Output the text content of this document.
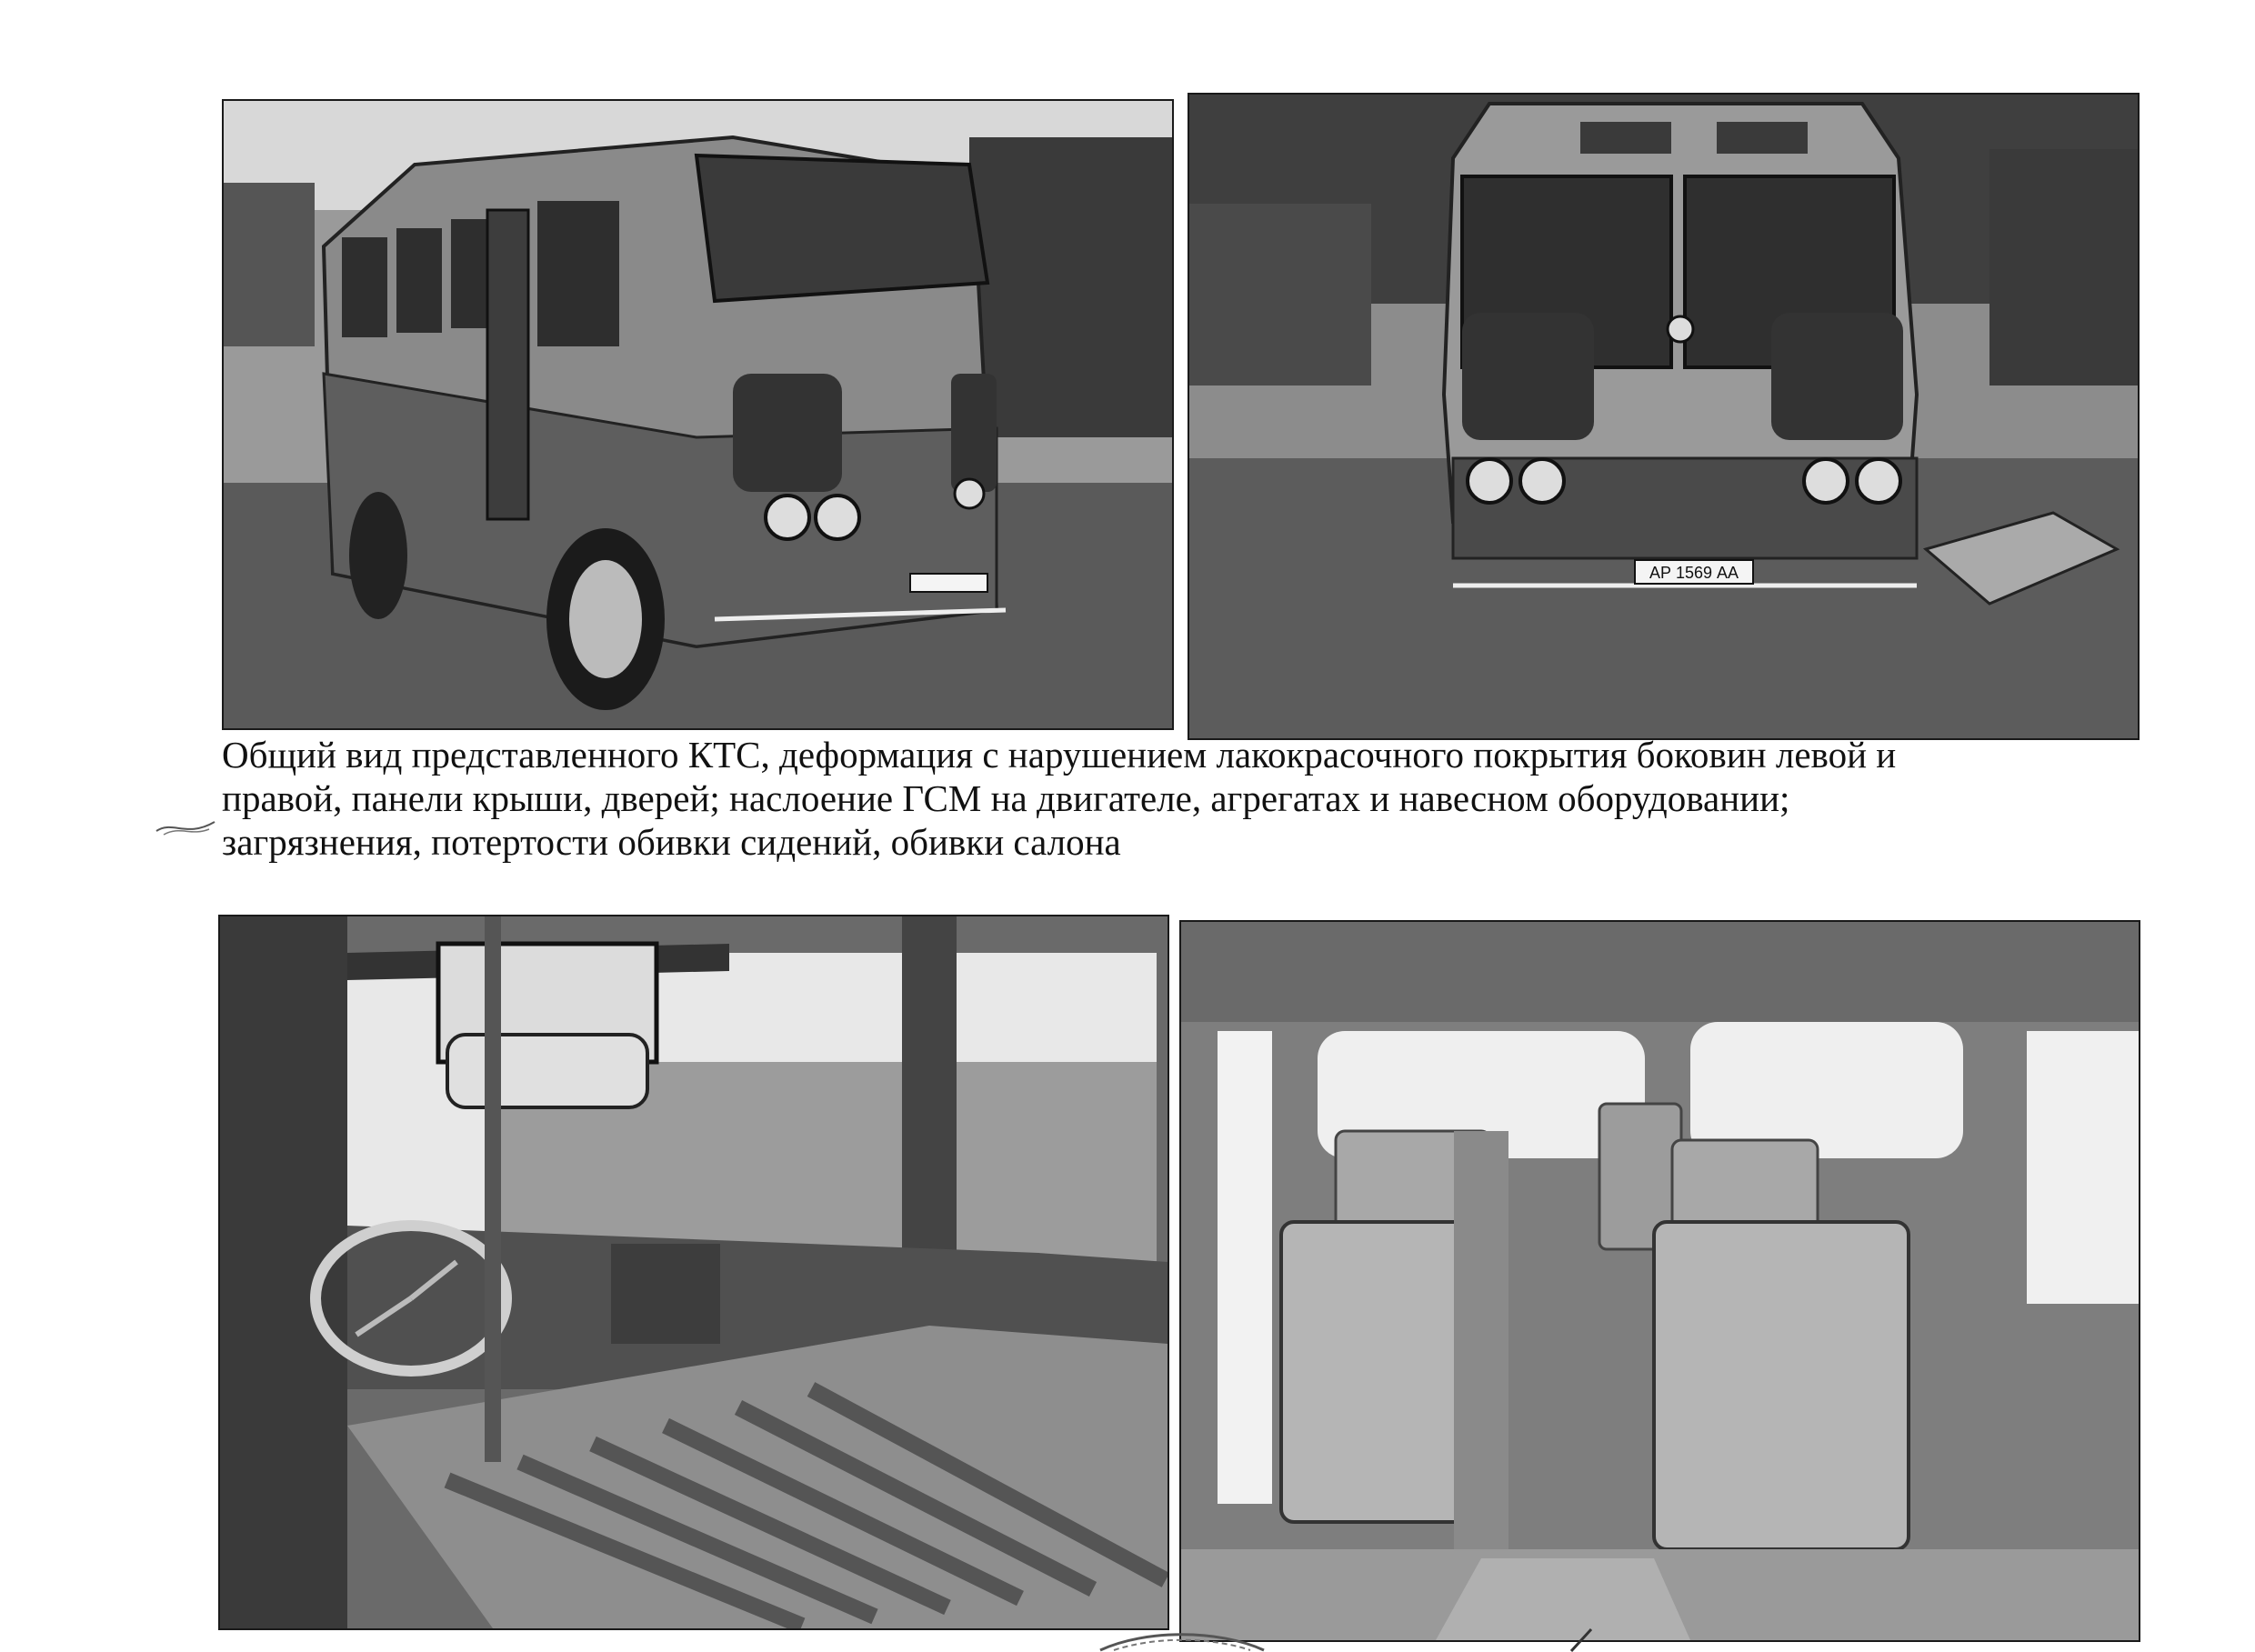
АР 1569 АА
Общий вид представленного КТС, деформация с нарушением лакокрасочного покрытия боковин левой и
правой, панели крыши, дверей; наслоение ГСМ на двигателе, агрегатах и навесном оборудовании;
загрязнения, потертости обивки сидений, обивки салона
